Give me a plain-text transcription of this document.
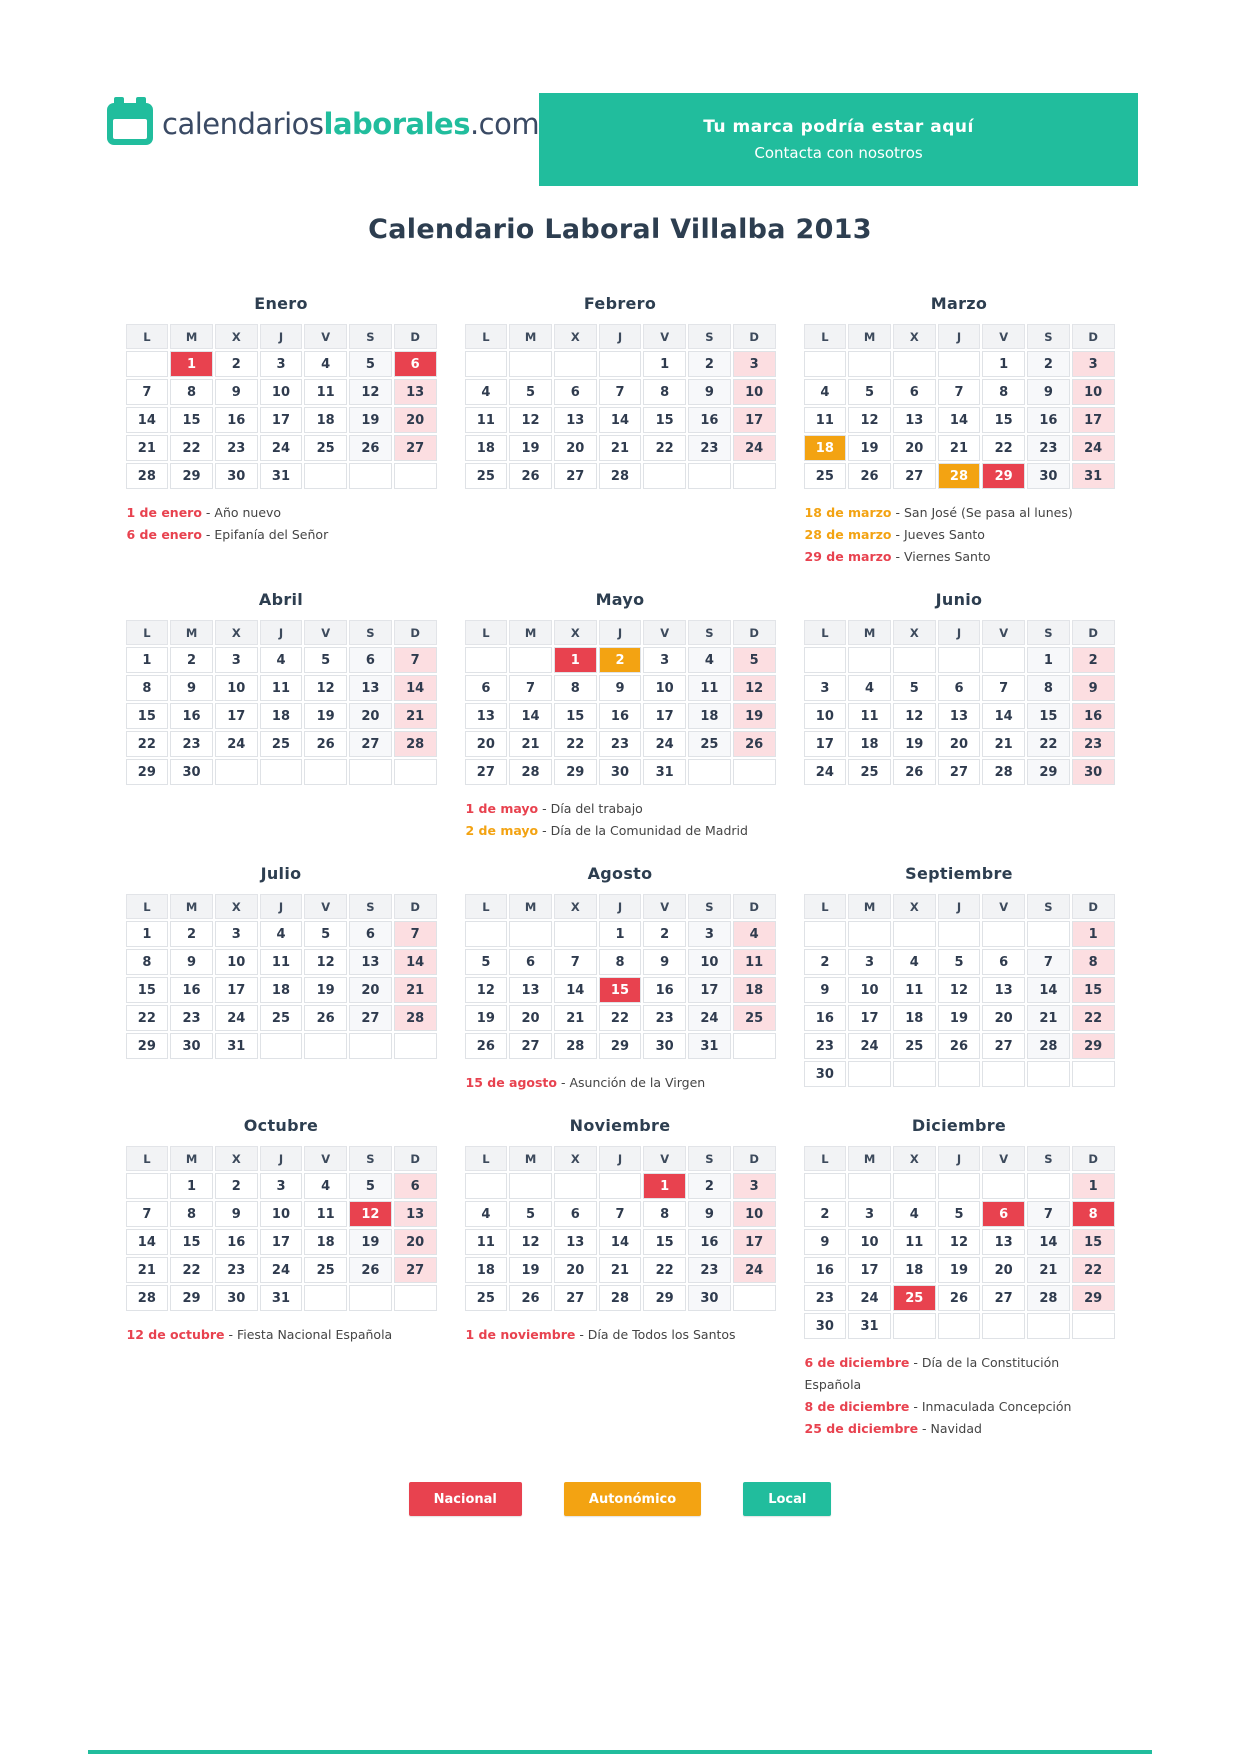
calendarioslaborales.com	Tu marca podría estar aquí
Contacta con nosotros
Calendario Laboral Villalba 2013
Enero
L	M	X	J	V	S	D
	1	2	3	4	5	6
7	8	9	10	11	12	13
14	15	16	17	18	19	20
21	22	23	24	25	26	27
28	29	30	31			
1 de enero - Año nuevo
6 de enero - Epifanía del Señor
Febrero
L	M	X	J	V	S	D
				1	2	3
4	5	6	7	8	9	10
11	12	13	14	15	16	17
18	19	20	21	22	23	24
25	26	27	28			
Marzo
L	M	X	J	V	S	D
				1	2	3
4	5	6	7	8	9	10
11	12	13	14	15	16	17
18	19	20	21	22	23	24
25	26	27	28	29	30	31
18 de marzo - San José (Se pasa al lunes)
28 de marzo - Jueves Santo
29 de marzo - Viernes Santo
Abril
L	M	X	J	V	S	D
1	2	3	4	5	6	7
8	9	10	11	12	13	14
15	16	17	18	19	20	21
22	23	24	25	26	27	28
29	30					
Mayo
L	M	X	J	V	S	D
		1	2	3	4	5
6	7	8	9	10	11	12
13	14	15	16	17	18	19
20	21	22	23	24	25	26
27	28	29	30	31		
1 de mayo - Día del trabajo
2 de mayo - Día de la Comunidad de Madrid
Junio
L	M	X	J	V	S	D
					1	2
3	4	5	6	7	8	9
10	11	12	13	14	15	16
17	18	19	20	21	22	23
24	25	26	27	28	29	30
Julio
L	M	X	J	V	S	D
1	2	3	4	5	6	7
8	9	10	11	12	13	14
15	16	17	18	19	20	21
22	23	24	25	26	27	28
29	30	31				
Agosto
L	M	X	J	V	S	D
			1	2	3	4
5	6	7	8	9	10	11
12	13	14	15	16	17	18
19	20	21	22	23	24	25
26	27	28	29	30	31	
15 de agosto - Asunción de la Virgen
Septiembre
L	M	X	J	V	S	D
						1
2	3	4	5	6	7	8
9	10	11	12	13	14	15
16	17	18	19	20	21	22
23	24	25	26	27	28	29
30						
Octubre
L	M	X	J	V	S	D
	1	2	3	4	5	6
7	8	9	10	11	12	13
14	15	16	17	18	19	20
21	22	23	24	25	26	27
28	29	30	31			
12 de octubre - Fiesta Nacional Española
Noviembre
L	M	X	J	V	S	D
				1	2	3
4	5	6	7	8	9	10
11	12	13	14	15	16	17
18	19	20	21	22	23	24
25	26	27	28	29	30	
1 de noviembre - Día de Todos los Santos
Diciembre
L	M	X	J	V	S	D
						1
2	3	4	5	6	7	8
9	10	11	12	13	14	15
16	17	18	19	20	21	22
23	24	25	26	27	28	29
30	31					
6 de diciembre - Día de la Constitución Española
8 de diciembre - Inmaculada Concepción
25 de diciembre - Navidad
Nacional	Autonómico	Local
